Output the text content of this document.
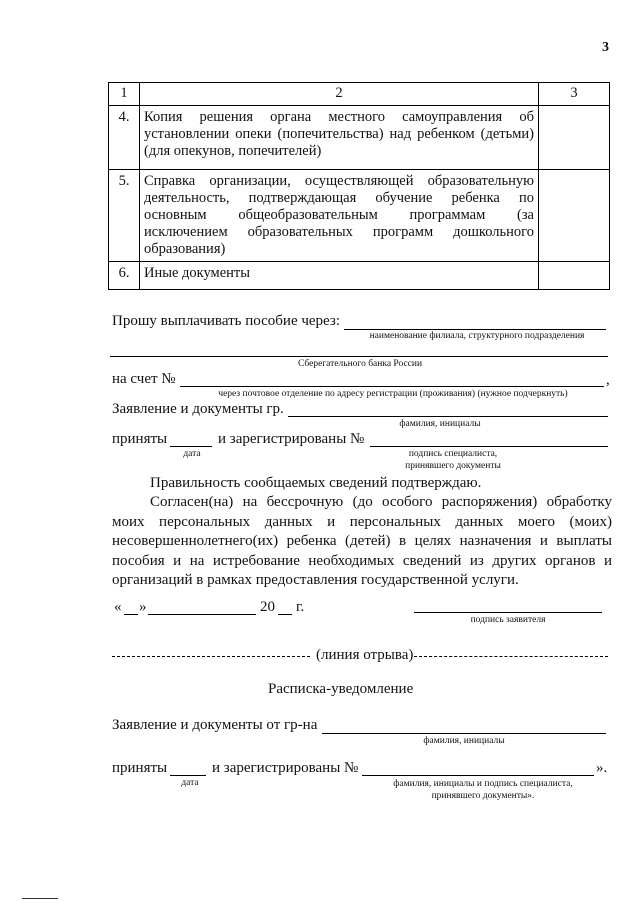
3
1	2	3
4.	Копия решения органа местного самоуправления об установлении опеки (попечительства) над ребенком (детьми) (для опекунов, попечителей)	
5.	Справка организации, осуществляющей образовательную деятельность, подтверждающая обучение ребенка по основным общеобразовательным программам (за исключением образовательных программ дошкольного образования)	
6.	Иные документы	
Прошу выплачивать пособие через:
наименование филиала, структурного подразделения
Сберегательного банка России
на счет №	,
через почтовое отделение по адресу регистрации (проживания) (нужное подчеркнуть)
Заявление и документы гр.
фамилия, инициалы
приняты	и зарегистрированы №
дата	подпись специалиста, принявшего документы
Правильность сообщаемых сведений подтверждаю.
Согласен(на) на бессрочную (до особого распоряжения) обработку моих персональных данных и персональных данных моего (моих) несовершеннолетнего(их) ребенка (детей) в целях назначения и выплаты пособия и на истребование необходимых сведений из других органов и организаций в рамках предоставления государственной услуги.
« »	20 г.
подпись заявителя
(линия отрыва)
Расписка-уведомление
Заявление и документы от гр-на
фамилия, инициалы
приняты	и зарегистрированы №	».
дата	фамилия, инициалы и подпись специалиста, принявшего документы».
